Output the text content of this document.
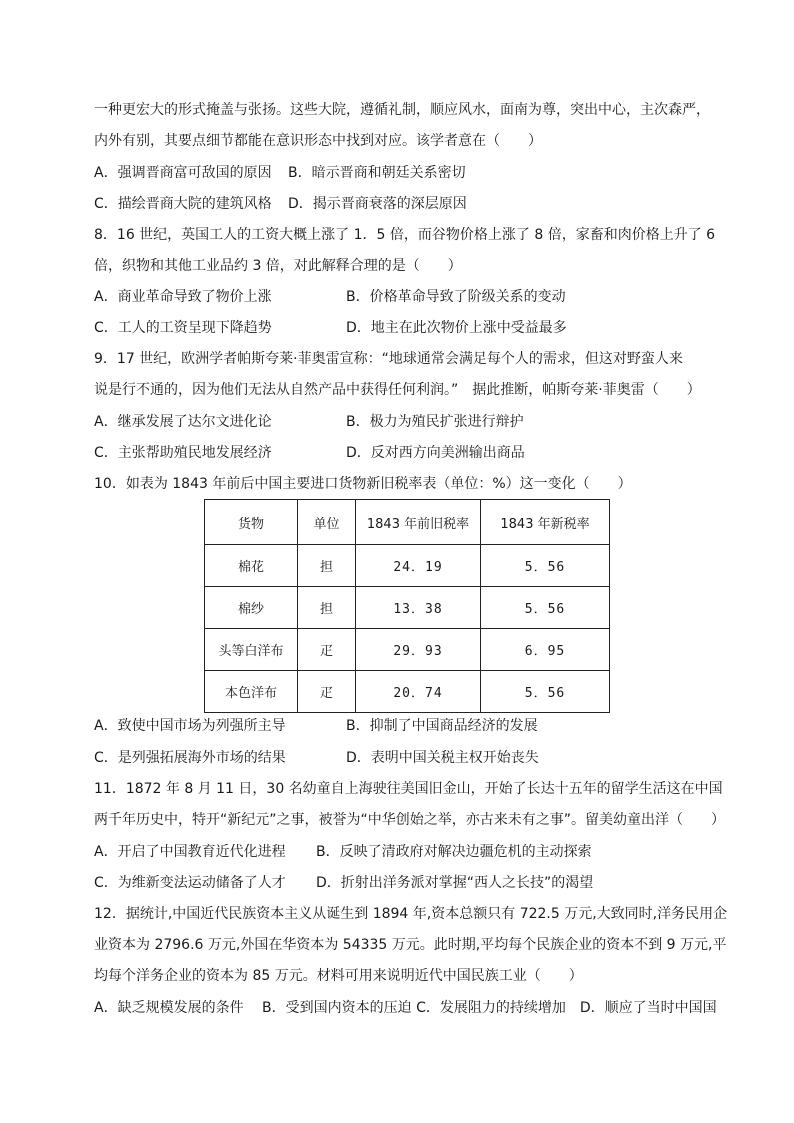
一种更宏大的形式掩盖与张扬。这些大院，遵循礼制，顺应风水，面南为尊，突出中心，主次森严，
内外有别，其要点细节都能在意识形态中找到对应。该学者意在（　　）
A．强调晋商富可敌国的原因 B．暗示晋商和朝廷关系密切
C．描绘晋商大院的建筑风格 D．揭示晋商衰落的深层原因
8．16 世纪，英国工人的工资大概上涨了 1．5 倍，而谷物价格上涨了 8 倍，家畜和肉价格上升了 6
倍，织物和其他工业品约 3 倍，对此解释合理的是（　　）
A．商业革命导致了物价上涨	B．价格革命导致了阶级关系的变动
C．工人的工资呈现下降趋势	D．地主在此次物价上涨中受益最多
9．17 世纪，欧洲学者帕斯夸莱·菲奥雷宣称：“地球通常会满足每个人的需求，但这对野蛮人来
说是行不通的，因为他们无法从自然产品中获得任何利润。”　据此推断，帕斯夸莱·菲奥雷（　　）
A．继承发展了达尔文进化论	B．极力为殖民扩张进行辩护
C．主张帮助殖民地发展经济	D．反对西方向美洲输出商品
10．如表为 1843 年前后中国主要进口货物新旧税率表（单位：%）这一变化（　　）
货物	单位	1843 年前旧税率	1843 年新税率
棉花	担	24．19	5．56
棉纱	担	13．38	5．56
头等白洋布	疋	29．93	6．95
本色洋布	疋	20．74	5．56
A．致使中国市场为列强所主导	B．抑制了中国商品经济的发展
C．是列强拓展海外市场的结果	D．表明中国关税主权开始丧失
11．1872 年 8 月 11 日，30 名幼童自上海驶往美国旧金山，开始了长达十五年的留学生活这在中国
两千年历史中，特开“新纪元”之事，被誉为“中华创始之举，亦古来未有之事”。留美幼童出洋（　　）
A．开启了中国教育近代化进程 B．反映了清政府对解决边疆危机的主动探索
C．为维新变法运动储备了人才 D．折射出洋务派对掌握“西人之长技”的渴望
12．据统计,中国近代民族资本主义从诞生到 1894 年,资本总额只有 722.5 万元,大致同时,洋务民用企
业资本为 2796.6 万元,外国在华资本为 54335 万元。此时期,平均每个民族企业的资本不到 9 万元,平
均每个洋务企业的资本为 85 万元。材料可用来说明近代中国民族工业（　　）
A．缺乏规模发展的条件　 B．受到国内资本的压迫 C．发展阻力的持续增加　D．顺应了当时中国国
